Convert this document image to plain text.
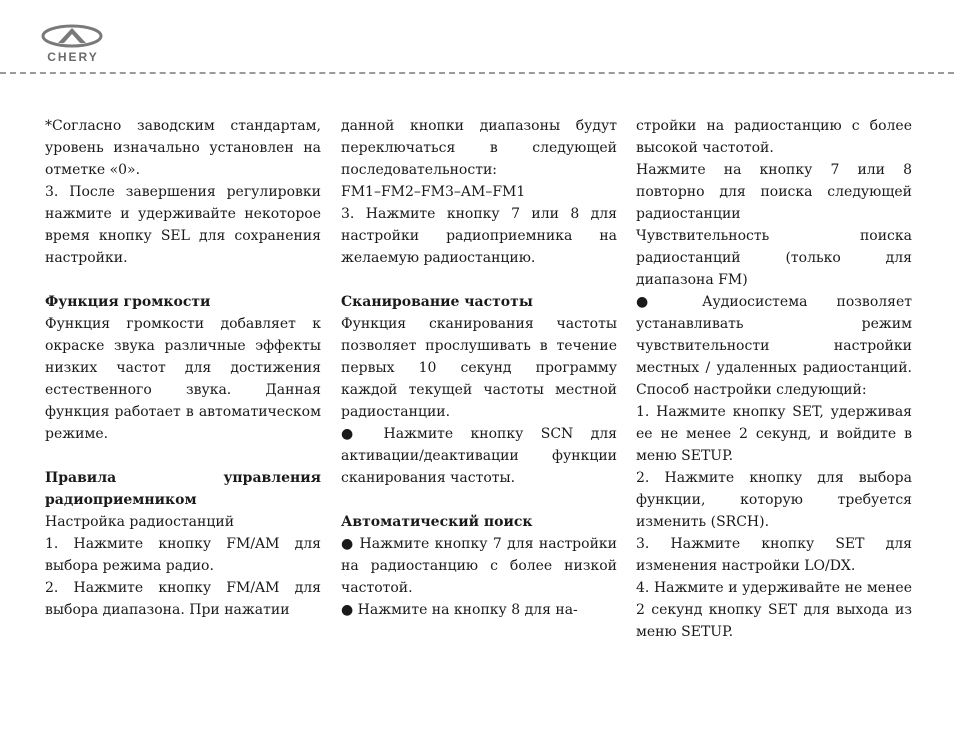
CHERY

*Согласно заводским стандартам, уровень изначально установлен на отметке «0».

3. После завершения регулировки нажмите и удерживайте некоторое время кнопку SEL для сохранения настройки.

Функция громкости

Функция громкости добавляет к окраске звука различные эффекты низких частот для достижения естественного звука. Данная функция работает в автоматическом режиме.

Правила управления радиоприемником

Настройка радиостанций

1. Нажмите кнопку FM/AM для выбора режима радио.

2. Нажмите кнопку FM/AM для выбора диапазона. При нажатии

данной кнопки диапазоны будут переключаться в следующей последовательности:

FM1–FM2–FM3–AM–FM1

3. Нажмите кнопку 7 или 8 для настройки радиоприемника на желаемую радиостанцию.

Сканирование частоты

Функция сканирования частоты позволяет прослушивать в течение первых 10 секунд программу каждой текущей частоты местной радиостанции.

● Нажмите кнопку SCN для активации/деактивации функции сканирования частоты.

Автоматический поиск

● Нажмите кнопку 7 для настройки на радиостанцию с более низкой частотой.

● Нажмите на кнопку 8 для на-

стройки на радиостанцию с более высокой частотой.

Нажмите на кнопку 7 или 8 повторно для поиска следующей радиостанции

Чувствительность поиска радиостанций (только для диапазона FM)

● Аудиосистема позволяет устанавливать режим чувствительности настройки местных / удаленных радиостанций. Способ настройки следующий:

1. Нажмите кнопку SET, удерживая ее не менее 2 секунд, и войдите в меню SETUP.

2. Нажмите кнопку для выбора функции, которую требуется изменить (SRCH).

3. Нажмите кнопку SET для изменения настройки LO/DX.

4. Нажмите и удерживайте не менее 2 секунд кнопку SET для выхода из меню SETUP.
